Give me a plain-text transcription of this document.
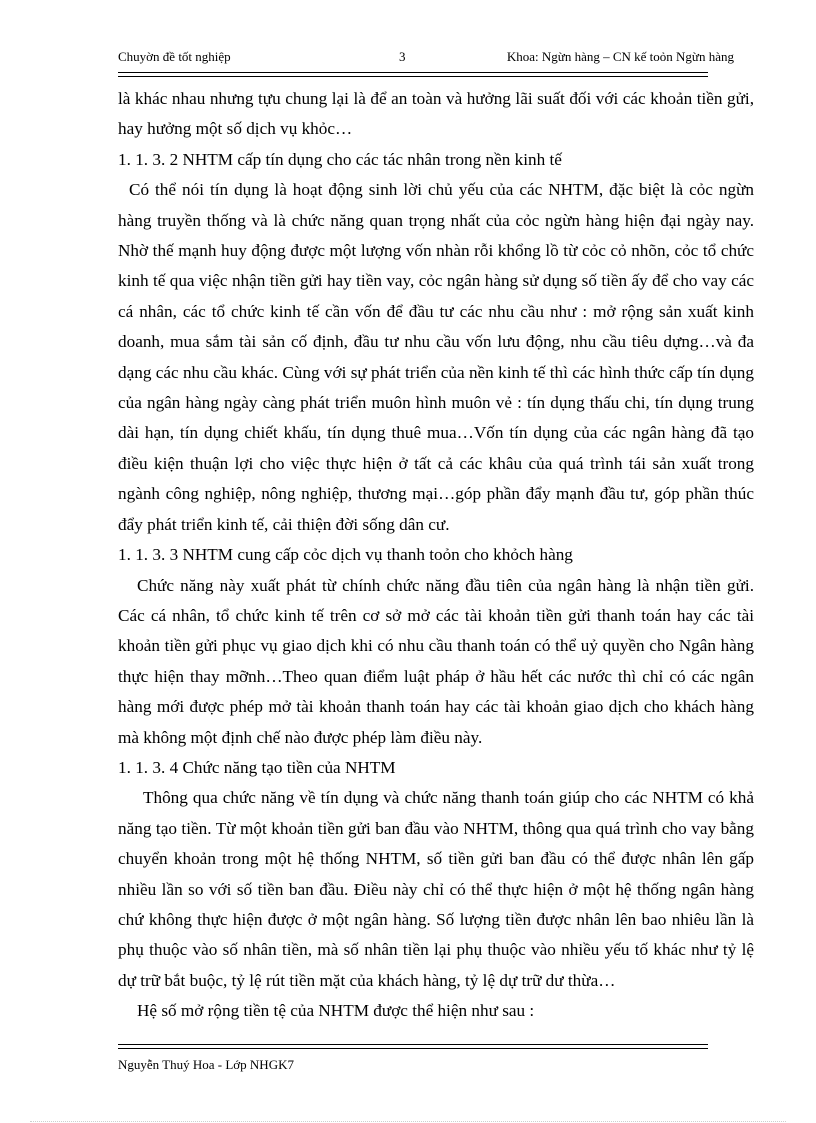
Chuyờn đề tốt nghiệp	3	Khoa: Ngừn hàng – CN kế toỏn Ngừn hàng

là khác nhau nhưng tựu chung lại là để an toàn và hưởng lãi suất đối với các khoản tiền gửi, hay hưởng một số dịch vụ khỏc…

1. 1. 3. 2 NHTM cấp tín dụng cho các tác nhân trong nền kinh tế

Có thể nói tín dụng là hoạt động sinh lời chủ yếu của các NHTM, đặc biệt là cỏc ngừn hàng truyền thống và là chức năng quan trọng nhất của cỏc ngừn hàng hiện đại ngày nay. Nhờ thế mạnh huy động được một lượng vốn nhàn rỗi khổng lồ từ cỏc cỏ nhõn, cỏc tổ chức kinh tế qua việc nhận tiền gửi hay tiền vay, cỏc ngân hàng sử dụng số tiền ấy để cho vay các cá nhân, các tổ chức kinh tế cần vốn để đầu tư các nhu cầu như : mở rộng sản xuất kinh doanh, mua sắm tài sản cố định, đầu tư nhu cầu vốn lưu động, nhu cầu tiêu dựng…và đa dạng các nhu cầu khác. Cùng với sự phát triển của nền kinh tế thì các hình thức cấp tín dụng của ngân hàng ngày càng phát triển muôn hình muôn vẻ : tín dụng thấu chi, tín dụng trung dài hạn, tín dụng chiết khấu, tín dụng thuê mua…Vốn tín dụng của các ngân hàng đã tạo điều kiện thuận lợi cho việc thực hiện ở tất cả các khâu của quá trình tái sản xuất trong ngành công nghiệp, nông nghiệp, thương mại…góp phần đẩy mạnh đầu tư, góp phần thúc đẩy phát triển kinh tế, cải thiện đời sống dân cư.

1. 1. 3. 3 NHTM cung cấp cỏc dịch vụ thanh toỏn cho khỏch hàng

Chức năng này xuất phát từ chính chức năng đầu tiên của ngân hàng là nhận tiền gửi. Các cá nhân, tổ chức kinh tế trên cơ sở mở các tài khoản tiền gửi thanh toán hay các tài khoản tiền gửi phục vụ giao dịch khi có nhu cầu thanh toán có thể uỷ quyền cho Ngân hàng thực hiện thay mỡnh…Theo quan điểm luật pháp ở hầu hết các nước thì chỉ có các ngân hàng mới được phép mở tài khoản thanh toán hay các tài khoản giao dịch cho khách hàng mà không một định chế nào được phép làm điều này.

1. 1. 3. 4 Chức năng tạo tiền của NHTM

Thông qua chức năng về tín dụng và chức năng thanh toán giúp cho các NHTM có khả năng tạo tiền. Từ một khoản tiền gửi ban đầu vào NHTM, thông qua quá trình cho vay bằng chuyển khoản trong một hệ thống NHTM, số tiền gửi ban đầu có thể được nhân lên gấp nhiều lần so với số tiền ban đầu. Điều này chỉ có thể thực hiện ở một hệ thống ngân hàng chứ không thực hiện được ở một ngân hàng. Số lượng tiền được nhân lên bao nhiêu lần là phụ thuộc vào số nhân tiền, mà số nhân tiền lại phụ thuộc vào nhiều yếu tố khác như tỷ lệ dự trữ bắt buộc, tỷ lệ rút tiền mặt của khách hàng, tỷ lệ dự trữ dư thừa…

Hệ số mở rộng tiền tệ của NHTM được thể hiện như sau :

Nguyễn Thuý Hoa - Lớp NHGK7
